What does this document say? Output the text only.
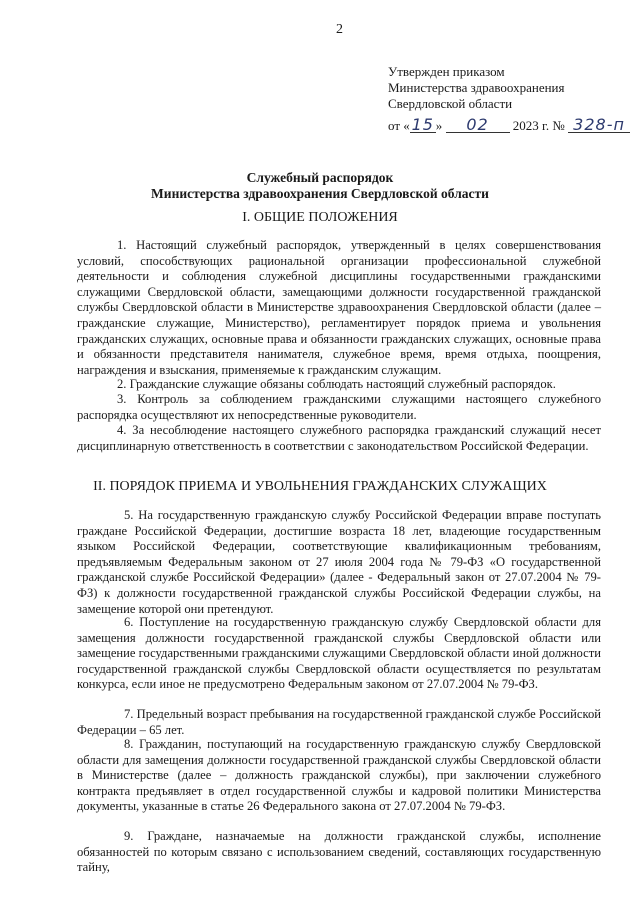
2
Утвержден приказом
Министерства здравоохранения
Свердловской области
от « 15 » 02 2023 г. № 328-п
Служебный распорядок
Министерства здравоохранения Свердловской области
I. ОБЩИЕ ПОЛОЖЕНИЯ
1. Настоящий служебный распорядок, утвержденный в целях совершенствования условий, способствующих рациональной организации профессиональной служебной деятельности и соблюдения служебной дисциплины государственными гражданскими служащими Свердловской области, замещающими должности государственной гражданской службы Свердловской области в Министерстве здравоохранения Свердловской области (далее – гражданские служащие, Министерство), регламентирует порядок приема и увольнения гражданских служащих, основные права и обязанности гражданских служащих, основные права и обязанности представителя нанимателя, служебное время, время отдыха, поощрения, награждения и взыскания, применяемые к гражданским служащим.
2. Гражданские служащие обязаны соблюдать настоящий служебный распорядок.
3. Контроль за соблюдением гражданскими служащими настоящего служебного распорядка осуществляют их непосредственные руководители.
4. За несоблюдение настоящего служебного распорядка гражданский служащий несет дисциплинарную ответственность в соответствии с законодательством Российской Федерации.
II. ПОРЯДОК ПРИЕМА И УВОЛЬНЕНИЯ ГРАЖДАНСКИХ СЛУЖАЩИХ
5. На государственную гражданскую службу Российской Федерации вправе поступать граждане Российской Федерации, достигшие возраста 18 лет, владеющие государственным языком Российской Федерации, соответствующие квалификационным требованиям, предъявляемым Федеральным законом от 27 июля 2004 года № 79-ФЗ «О государственной гражданской службе Российской Федерации» (далее - Федеральный закон от 27.07.2004 № 79-ФЗ) к должности государственной гражданской службы Российской Федерации службы, на замещение которой они претендуют.
6. Поступление на государственную гражданскую службу Свердловской области для замещения должности государственной гражданской службы Свердловской области или замещение государственными гражданскими служащими Свердловской области иной должности государственной гражданской службы Свердловской области осуществляется по результатам конкурса, если иное не предусмотрено Федеральным законом от 27.07.2004 № 79-ФЗ.
7. Предельный возраст пребывания на государственной гражданской службе Российской Федерации – 65 лет.
8. Гражданин, поступающий на государственную гражданскую службу Свердловской области для замещения должности государственной гражданской службы Свердловской области в Министерстве (далее – должность гражданской службы), при заключении служебного контракта предъявляет в отдел государственной службы и кадровой политики Министерства документы, указанные в статье 26 Федерального закона от 27.07.2004 № 79-ФЗ.
9. Граждане, назначаемые на должности гражданской службы, исполнение обязанностей по которым связано с использованием сведений, составляющих государственную тайну,
